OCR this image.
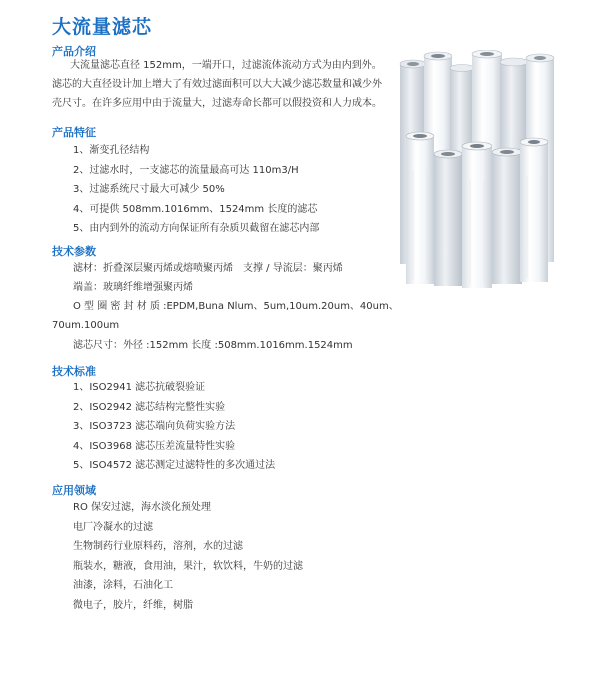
大流量滤芯
产品介绍
大流量滤芯直径 152mm，一端开口，过滤流体流动方式为由内到外。
滤芯的大直径设计加上增大了有效过滤面积可以大大减少滤芯数量和减少外
壳尺寸。在许多应用中由于流量大，过滤寿命长都可以假投资和人力成本。
产品特征
1、渐变孔径结构
2、过滤水时，一支滤芯的流量最高可达 110m3/H
3、过滤系统尺寸最大可减少 50%
4、可提供 508mm.1016mm、1524mm 长度的滤芯
5、由内到外的流动方向保证所有杂质贝截留在滤芯内部
技术参数
滤材：折叠深层聚丙烯或熔喷聚丙烯　支撑 / 导流层：聚丙烯
端盖：玻璃纤维增强聚丙烯
O 型 圈 密 封 材 质 :EPDM,Buna Nlum、5um,10um.20um、40um、
70um.100um
滤芯尺寸：外径 :152mm 长度 :508mm.1016mm.1524mm
技术标准
1、ISO2941 滤芯抗破裂验证
2、ISO2942 滤芯结构完整性实验
3、ISO3723 滤芯端向负荷实验方法
4、ISO3968 滤芯压差流量特性实验
5、ISO4572 滤芯测定过滤特性的多次通过法
应用领域
RO 保安过滤，海水淡化预处理
电厂冷凝水的过滤
生物制药行业原料药，溶剂，水的过滤
瓶装水，糖液，食用油，果汁，软饮料，牛奶的过滤
油漆，涂料，石油化工
微电子，胶片，纤维，树脂
